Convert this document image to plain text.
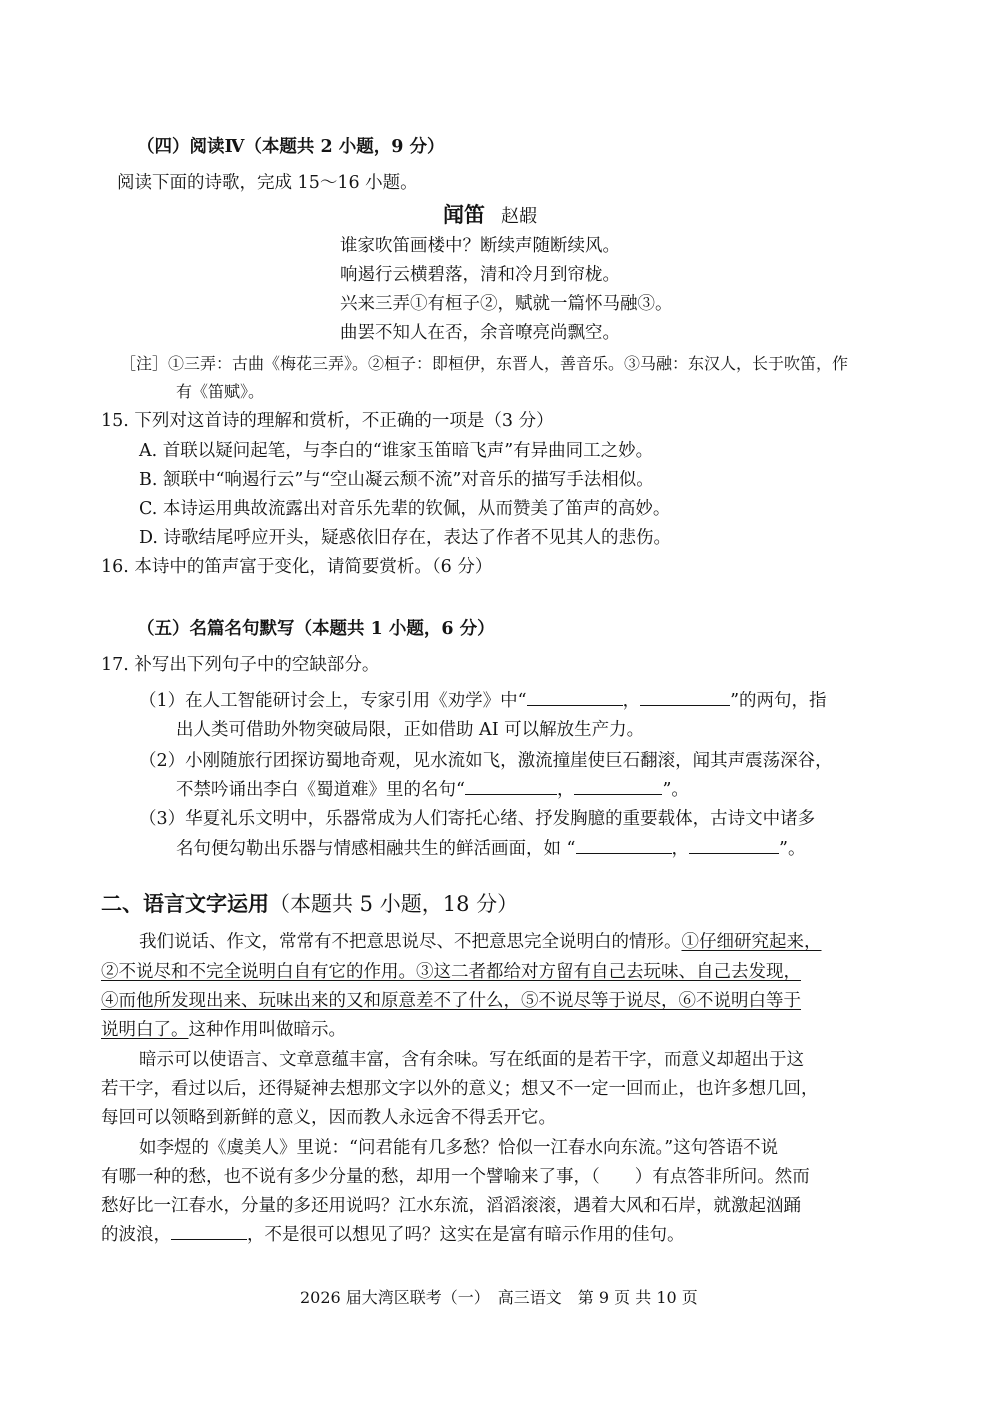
（四）阅读Ⅳ（本题共 2 小题，9 分）
阅读下面的诗歌，完成 15～16 小题。
闻笛 赵嘏
谁家吹笛画楼中？断续声随断续风。
响遏行云横碧落，清和冷月到帘栊。
兴来三弄①有桓子②，赋就一篇怀马融③。
曲罢不知人在否，余音嘹亮尚飘空。
［注］①三弄：古曲《梅花三弄》。②桓子：即桓伊，东晋人，善音乐。③马融：东汉人，长于吹笛，作
有《笛赋》。
15. 下列对这首诗的理解和赏析，不正确的一项是（3 分）
A. 首联以疑问起笔，与李白的“谁家玉笛暗飞声”有异曲同工之妙。
B. 颔联中“响遏行云”与“空山凝云颓不流”对音乐的描写手法相似。
C. 本诗运用典故流露出对音乐先辈的钦佩，从而赞美了笛声的高妙。
D. 诗歌结尾呼应开头，疑惑依旧存在，表达了作者不见其人的悲伤。
16. 本诗中的笛声富于变化，请简要赏析。（6 分）
（五）名篇名句默写（本题共 1 小题，6 分）
17. 补写出下列句子中的空缺部分。
（1）在人工智能研讨会上，专家引用《劝学》中“	，	”的两句，指
出人类可借助外物突破局限，正如借助 AI 可以解放生产力。
（2）小刚随旅行团探访蜀地奇观，见水流如飞，激流撞崖使巨石翻滚，闻其声震荡深谷，
不禁吟诵出李白《蜀道难》里的名句“	，	”。
（3）华夏礼乐文明中，乐器常成为人们寄托心绪、抒发胸臆的重要载体，古诗文中诸多
名句便勾勒出乐器与情感相融共生的鲜活画面，如 “	，	”。
二、语言文字运用（本题共 5 小题，18 分）
我们说话、作文，常常有不把意思说尽、不把意思完全说明白的情形。①仔细研究起来，
②不说尽和不完全说明白自有它的作用。③这二者都给对方留有自己去玩味、自己去发现，
④而他所发现出来、玩味出来的又和原意差不了什么，⑤不说尽等于说尽，⑥不说明白等于
说明白了。这种作用叫做暗示。
暗示可以使语言、文章意蕴丰富，含有余味。写在纸面的是若干字，而意义却超出于这
若干字，看过以后，还得疑神去想那文字以外的意义；想又不一定一回而止，也许多想几回，
每回可以领略到新鲜的意义，因而教人永远舍不得丢开它。
如李煜的《虞美人》里说：“问君能有几多愁？恰似一江春水向东流。”这句答语不说
有哪一种的愁，也不说有多少分量的愁，却用一个譬喻来了事，（　　）有点答非所问。然而
愁好比一江春水，分量的多还用说吗？江水东流，滔滔滚滚，遇着大风和石岸，就激起汹踊
的波浪，	，不是很可以想见了吗？这实在是富有暗示作用的佳句。
2026 届大湾区联考（一）　高三语文　第 9 页 共 10 页
